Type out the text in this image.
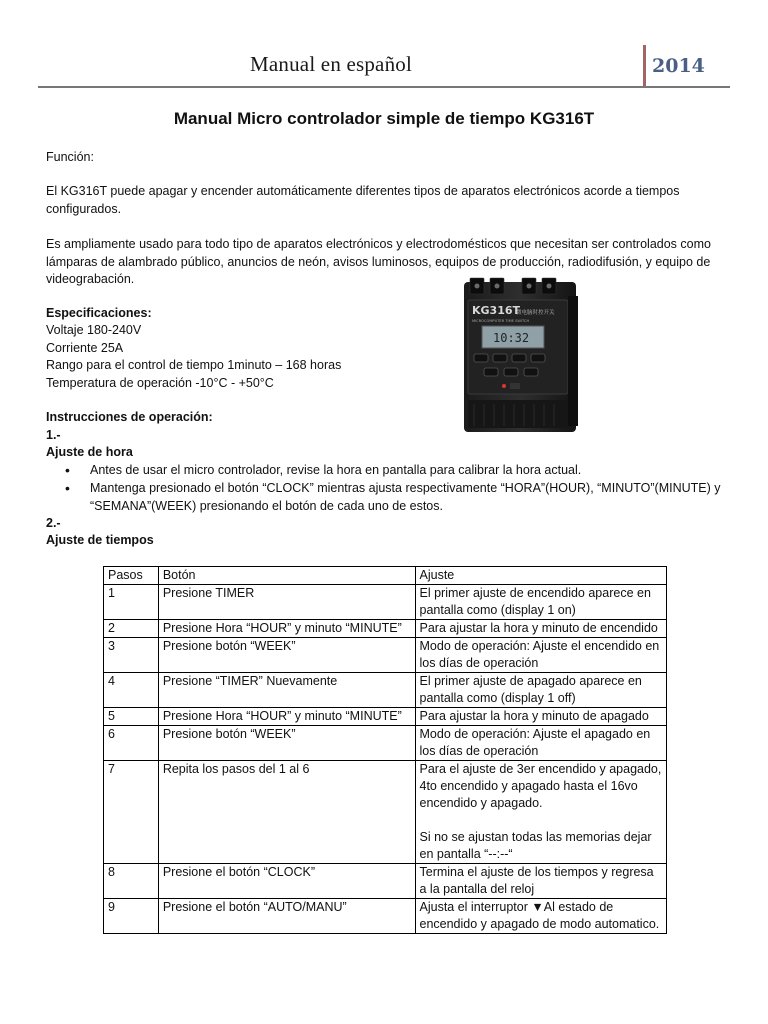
Manual en español	2014
Manual Micro controlador simple de tiempo KG316T
Función:
El KG316T puede apagar y encender automáticamente diferentes tipos de aparatos electrónicos acorde a tiempos
configurados.
Es ampliamente usado para todo tipo de aparatos electrónicos y electrodomésticos que necesitan ser controlados como
lámparas de alambrado público, anuncios de neón, avisos luminosos, equipos de producción, radiodifusión, y equipo de
videograbación.
Especificaciones:
Voltaje 180-240V
Corriente 25A
Rango para el control de tiempo 1minuto – 168 horas
Temperatura de operación -10°C - +50°C
Instrucciones de operación:
1.-
Ajuste de hora
• Antes de usar el micro controlador, revise la hora en pantalla para calibrar la hora actual.
• Mantenga presionado el botón “CLOCK” mientras ajusta respectivamente “HORA”(HOUR), “MINUTO”(MINUTE) y “SEMANA”(WEEK) presionando el botón de cada uno de estos.
2.-
Ajuste de tiempos
KG316T
微电脑时控开关
MICROCOMPUTER TIME SWITCH
10:32
Pasos	Botón	Ajuste
1	Presione TIMER	El primer ajuste de encendido aparece en pantalla como (display 1 on)
2	Presione Hora “HOUR” y minuto “MINUTE”	Para ajustar la hora y minuto de encendido
3	Presione botón “WEEK”	Modo de operación: Ajuste el encendido en los días de operación
4	Presione “TIMER” Nuevamente	El primer ajuste de apagado aparece en pantalla como (display 1 off)
5	Presione Hora “HOUR” y minuto “MINUTE”	Para ajustar la hora y minuto de apagado
6	Presione botón “WEEK”	Modo de operación: Ajuste el apagado en los días de operación
7	Repita los pasos del 1 al 6	Para el ajuste de 3er encendido y apagado, 4to encendido y apagado hasta el 16vo encendido y apagado.
Si no se ajustan todas las memorias dejar en pantalla “--:--“

8	Presione el botón “CLOCK”	Termina el ajuste de los tiempos y regresa a la pantalla del reloj
9	Presione el botón “AUTO/MANU”	Ajusta el interruptor ▼Al estado de encendido y apagado de modo automatico.
